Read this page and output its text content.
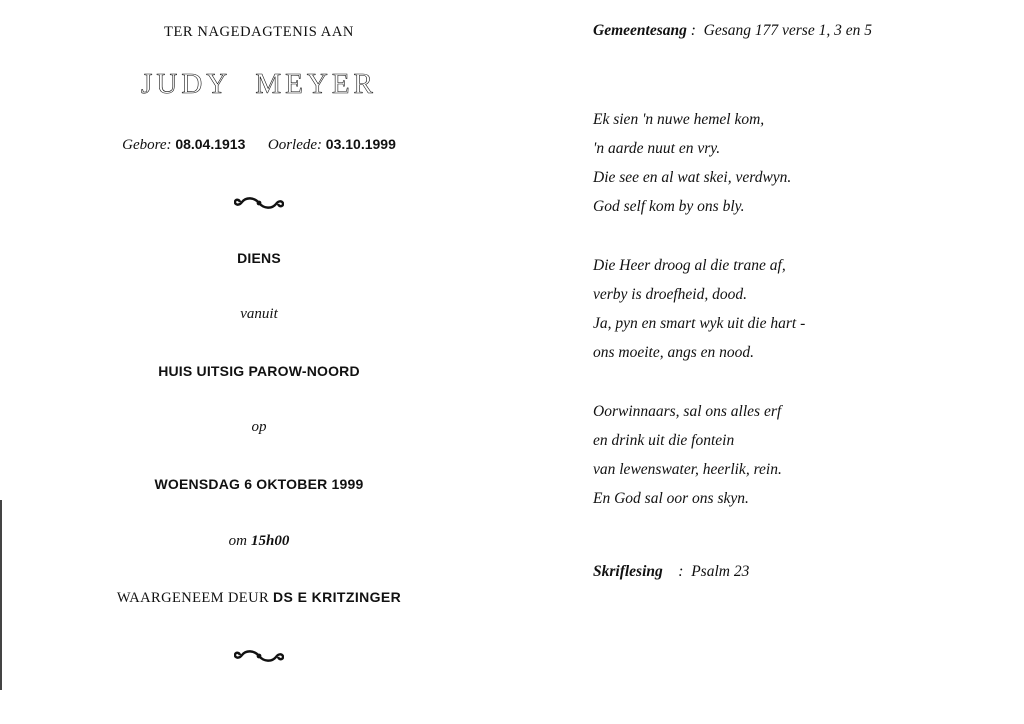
TER NAGEDAGTENIS AAN
JUDY MEYER
Gebore: 08.04.1913 Oorlede: 03.10.1999
DIENS
vanuit
HUIS UITSIG PAROW-NOORD
op
WOENSDAG 6 OKTOBER 1999
om 15h00
WAARGENEEM DEUR DS E KRITZINGER
Gemeentesang :  Gesang 177 verse 1, 3 en 5
Ek sien 'n nuwe hemel kom,
'n aarde nuut en vry.
Die see en al wat skei, verdwyn.
God self kom by ons bly.
Die Heer droog al die trane af,
verby is droefheid, dood.
Ja, pyn en smart wyk uit die hart -
ons moeite, angs en nood.
Oorwinnaars, sal ons alles erf
en drink uit die fontein
van lewenswater, heerlik, rein.
En God sal oor ons skyn.
Skriflesing    :  Psalm 23
